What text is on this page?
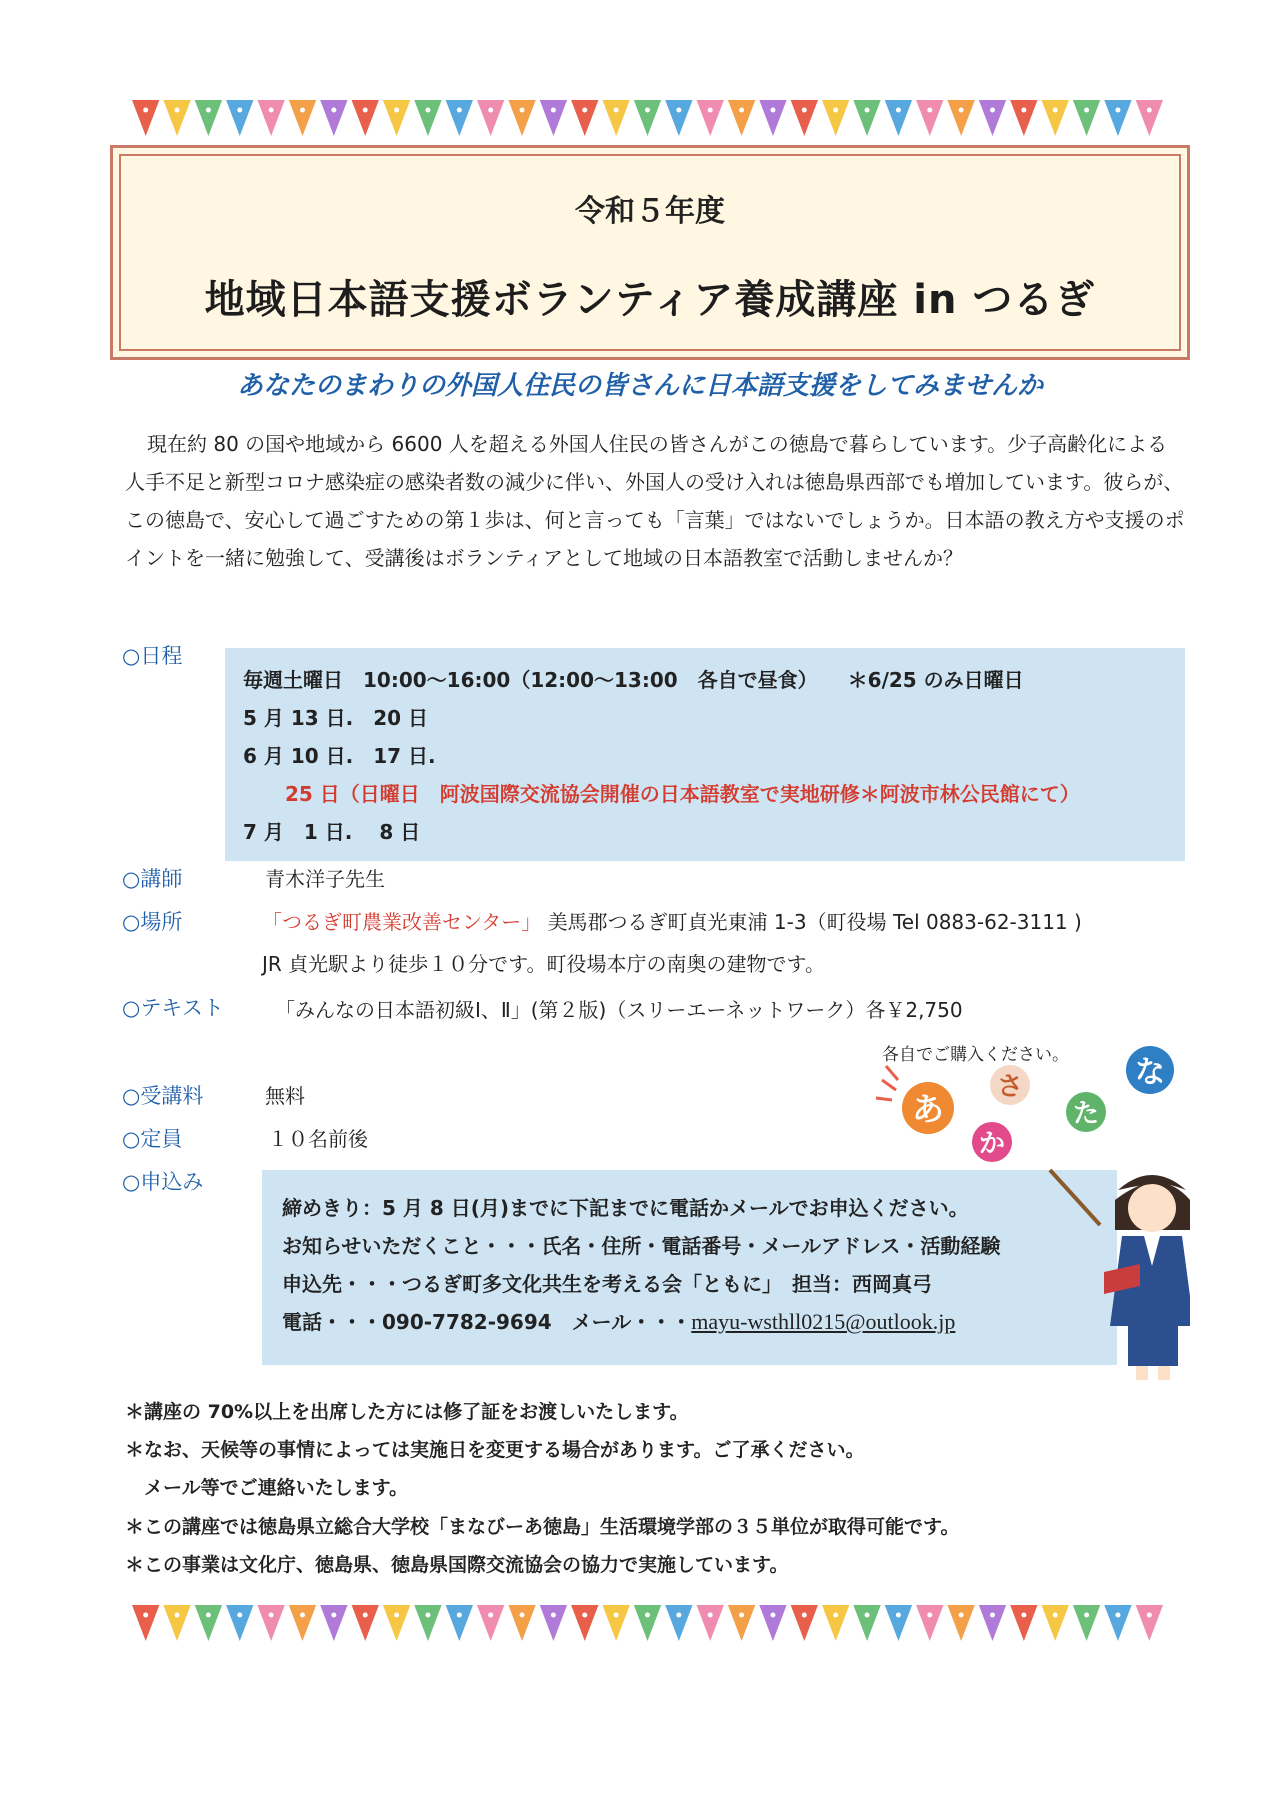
令和５年度
地域日本語支援ボランティア養成講座 in つるぎ
あなたのまわりの外国人住民の皆さんに日本語支援をしてみませんか

現在約 80 の国や地域から 6600 人を超える外国人住民の皆さんがこの徳島で暮らしています。少子高齢化による人手不足と新型コロナ感染症の感染者数の減少に伴い、外国人の受け入れは徳島県西部でも増加しています。彼らが、この徳島で、安心して過ごすための第１歩は、何と言っても「言葉」ではないでしょうか。日本語の教え方や支援のポイントを一緒に勉強して、受講後はボランティアとして地域の日本語教室で活動しませんか？

○日程
毎週土曜日　10:00～16:00（12:00～13:00　各自で昼食）　　＊6/25 のみ日曜日
5 月 13 日.　20 日
6 月 10 日.　17 日.
25 日（日曜日　阿波国際交流協会開催の日本語教室で実地研修＊阿波市林公民館にて）
7 月　1 日.　 8 日
○講師	青木洋子先生
○場所	「つるぎ町農業改善センター」 美馬郡つるぎ町貞光東浦 1-3（町役場 Tel 0883-62-3111 )
JR 貞光駅より徒歩１０分です。町役場本庁の南奥の建物です。
○テキスト	「みんなの日本語初級Ⅰ、Ⅱ」(第２版)（スリーエーネットワーク）各￥2,750
各自でご購入ください。
○受講料	無料
○定員	１０名前後
○申込み
締めきり：5 月 8 日(月)までに下記までに電話かメールでお申込ください。
お知らせいただくこと・・・氏名・住所・電話番号・メールアドレス・活動経験
申込先・・・つるぎ町多文化共生を考える会「ともに」　担当：西岡真弓
電話・・・090-7782-9694　メール・・・mayu-wsthll0215@outlook.jp
あ
か
さ
た
な
＊講座の 70%以上を出席した方には修了証をお渡しいたします。
＊なお、天候等の事情によっては実施日を変更する場合があります。ご了承ください。
　メール等でご連絡いたします。
＊この講座では徳島県立総合大学校「まなびーあ徳島」生活環境学部の３５単位が取得可能です。
＊この事業は文化庁、徳島県、徳島県国際交流協会の協力で実施しています。
